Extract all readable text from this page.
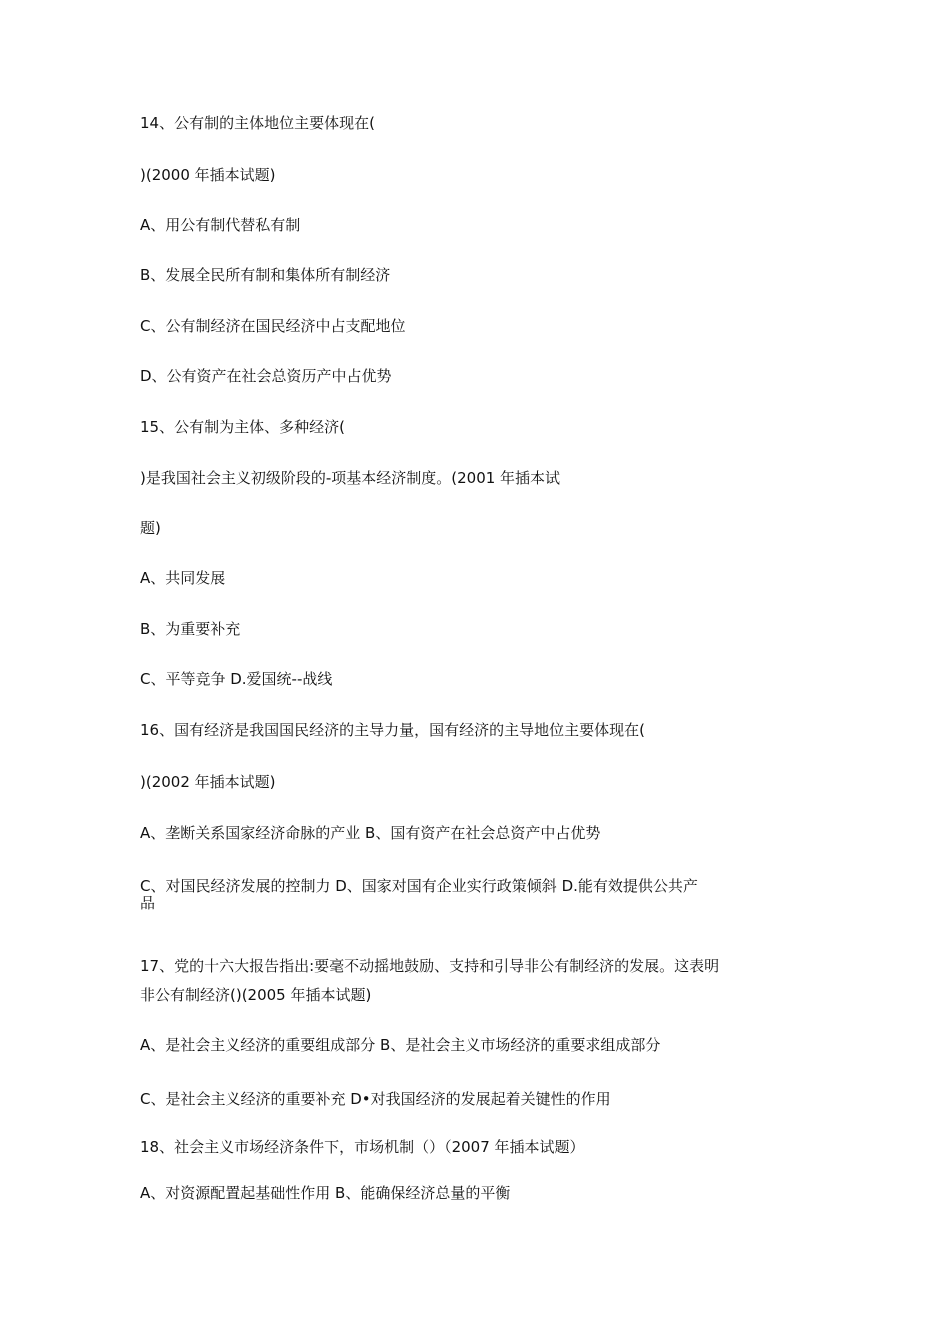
14、公有制的主体地位主要体现在(
)(2000 年插本试题)
A、用公有制代替私有制
B、发展全民所有制和集体所有制经济
C、公有制经济在国民经济中占支配地位
D、公有资产在社会总资历产中占优势
15、公有制为主体、多种经济(
)是我国社会主义初级阶段的-项基本经济制度。(2001 年插本试
题)
A、共同发展
B、为重要补充
C、平等竞争 D.爱国统--战线
16、国有经济是我国国民经济的主导力量，国有经济的主导地位主要体现在(
)(2002 年插本试题)
A、垄断关系国家经济命脉的产业 B、国有资产在社会总资产中占优势
C、对国民经济发展的控制力 D、国家对国有企业实行政策倾斜 D.能有效提供公共产
品
17、党的十六大报告指出:要毫不动摇地鼓励、支持和引导非公有制经济的发展。这表明
非公有制经济()(2005 年插本试题)
A、是社会主义经济的重要组成部分 B、是社会主义市场经济的重要求组成部分
C、是社会主义经济的重要补充 D•对我国经济的发展起着关键性的作用
18、社会主义市场经济条件下，市场机制（）（2007 年插本试题）
A、对资源配置起基础性作用 B、能确保经济总量的平衡
